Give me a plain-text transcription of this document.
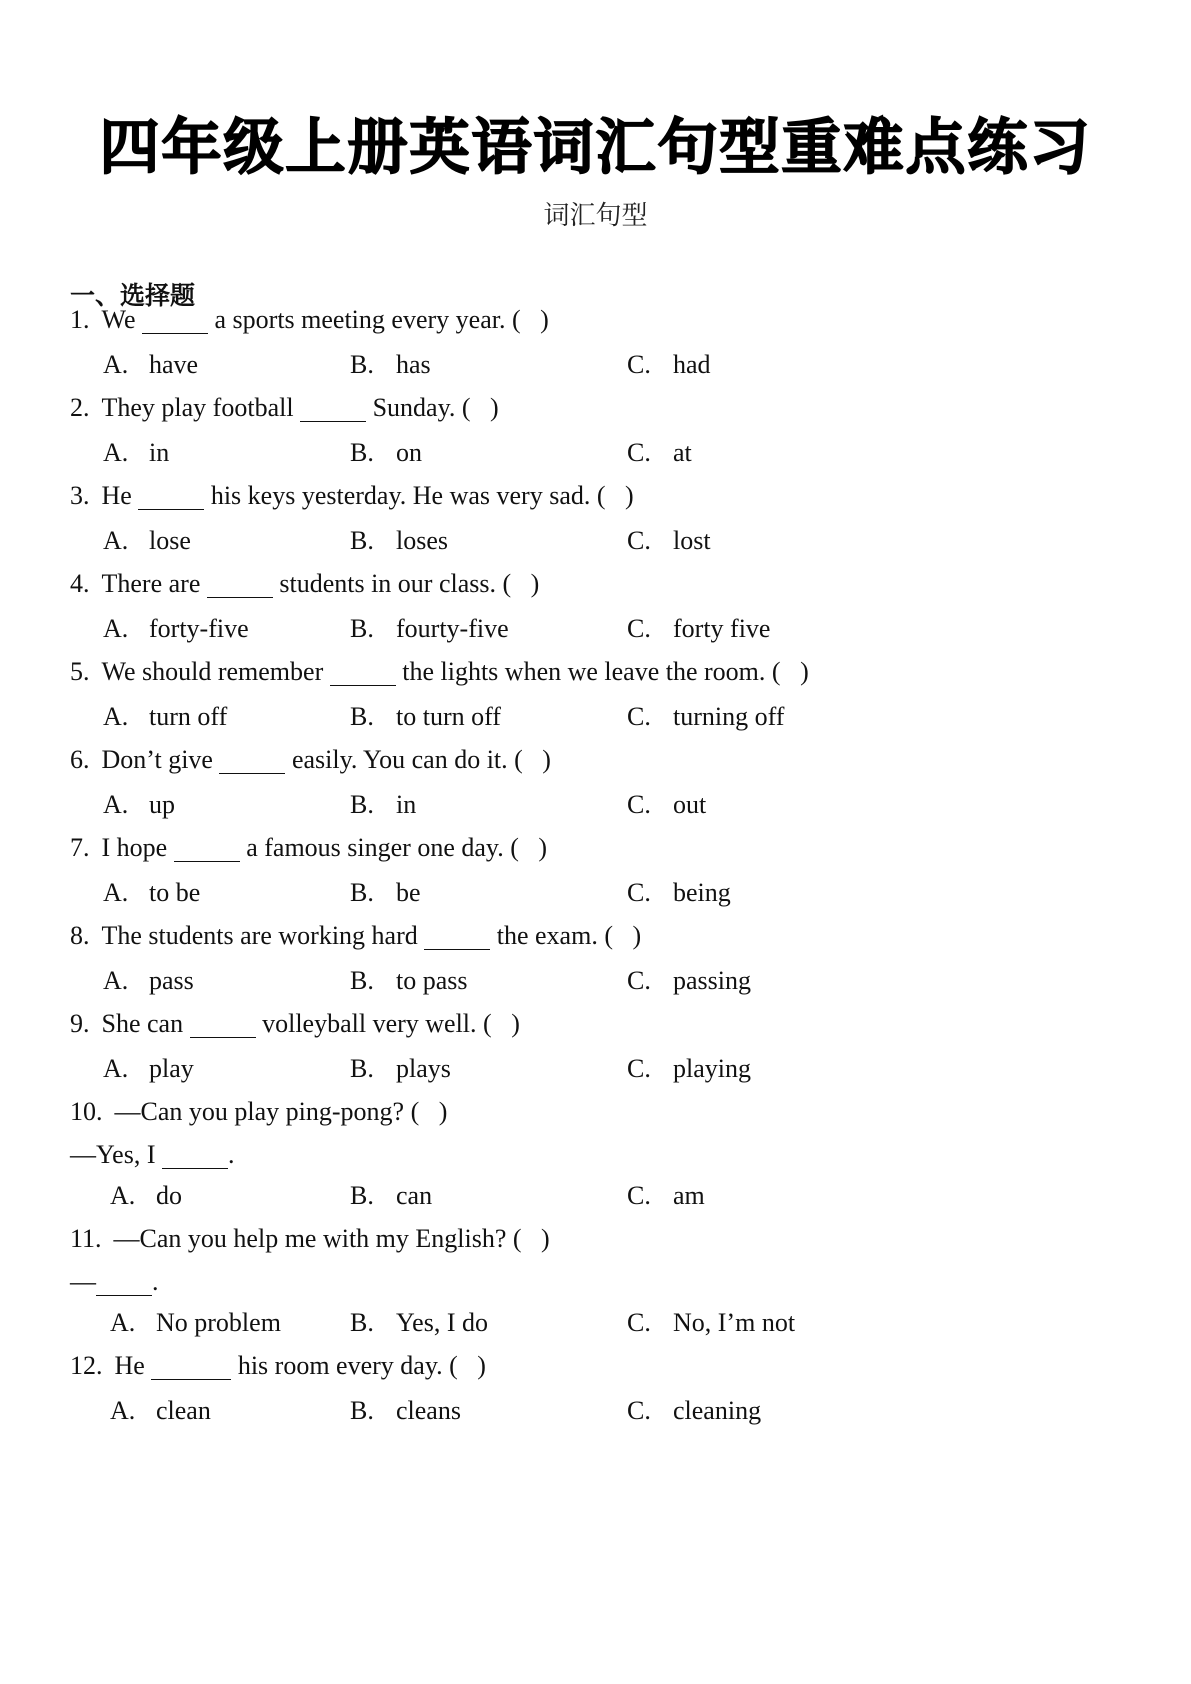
四年级上册英语词汇句型重难点练习
词汇句型
一、选择题
1. We	a sports meeting every year. (   )
A. have	B. has	C. had
2. They play football	Sunday. (   )
A. in	B. on	C. at
3. He	his keys yesterday. He was very sad. (   )
A. lose	B. loses	C. lost
4. There are	students in our class. (   )
A. forty-five	B. fourty-five	C. forty five
5. We should remember	the lights when we leave the room. (   )
A. turn off	B. to turn off	C. turning off
6. Don’t give	easily. You can do it. (   )
A. up	B. in	C. out
7. I hope	a famous singer one day. (   )
A. to be	B. be	C. being
8. The students are working hard	the exam. (   )
A. pass	B. to pass	C. passing
9. She can	volleyball very well. (   )
A. play	B. plays	C. playing
10. —Can you play ping-pong? (   )
—Yes, I	.
A. do	B. can	C. am
11. —Can you help me with my English? (   )
— .
A. No problem	B. Yes, I do	C. No, I’m not
12. He	his room every day. (   )
A. clean	B. cleans	C. cleaning
